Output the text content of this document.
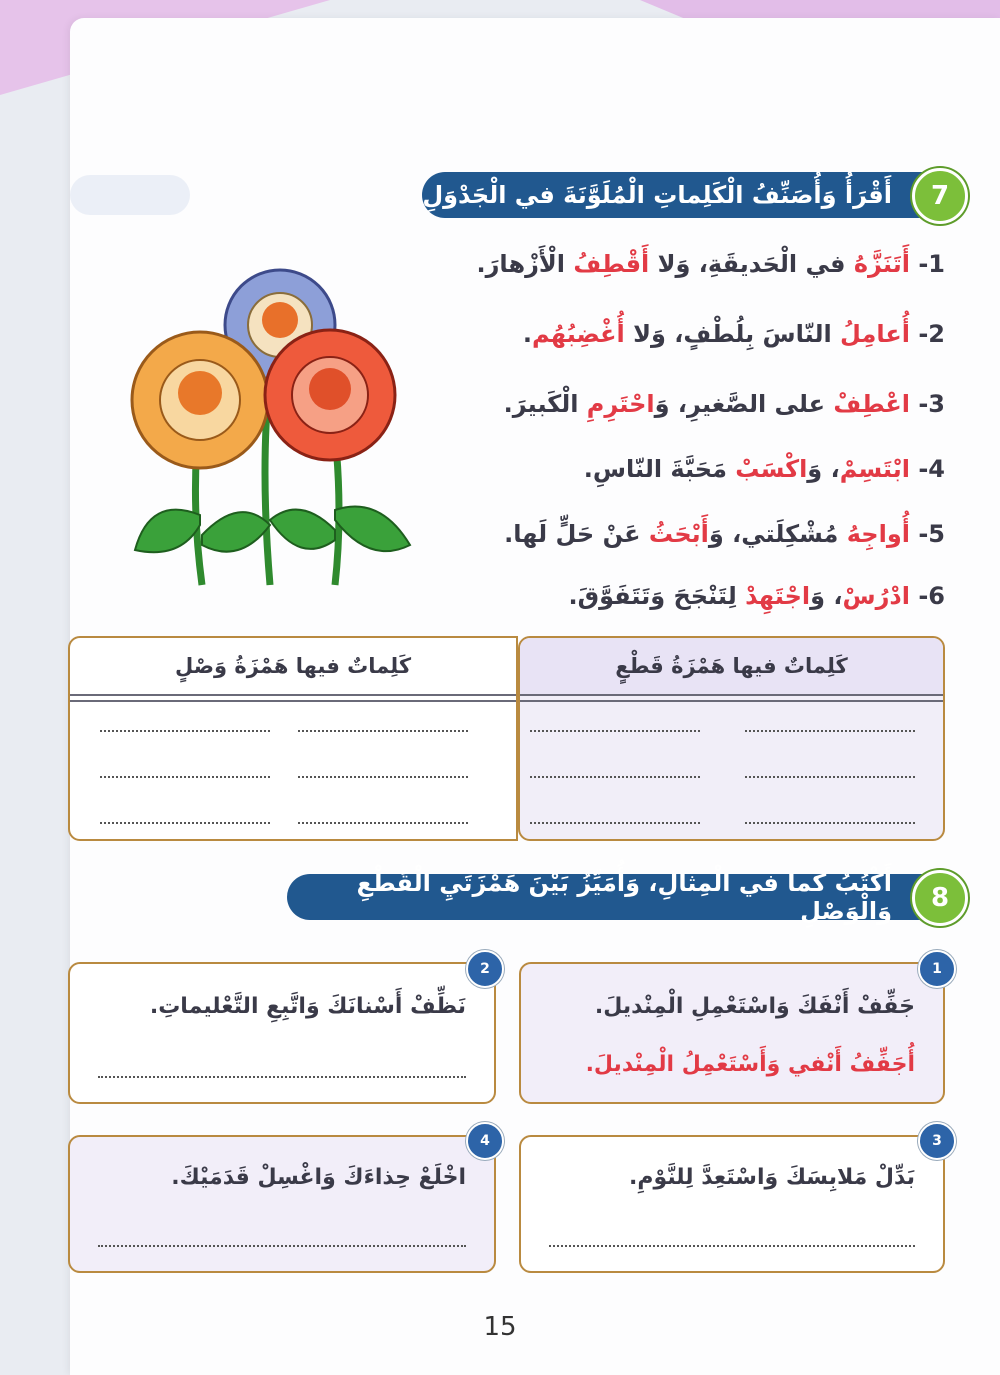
أَقْرَأُ وَأُصَنِّفُ الْكَلِماتِ الْمُلَوَّنَةَ في الْجَدْوَلِ	7
1- أَتَنَزَّهُ في الْحَديقَةِ، وَلا أَقْطِفُ الْأَزْهارَ.
2- أُعامِلُ النّاسَ بِلُطْفٍ، وَلا أُغْضِبُهُم.
3- اعْطِفْ على الصَّغيرِ، وَاحْتَرِمِ الْكَبيرَ.
4- ابْتَسِمْ، وَاكْسَبْ مَحَبَّةَ النّاسِ.
5- أُواجِهُ مُشْكِلَتي، وَأَبْحَثُ عَنْ حَلٍّ لَها.
6- ادْرُسْ، وَاجْتَهِدْ لِتَنْجَحَ وَتَتَفَوَّقَ.
كَلِماتٌ فيها هَمْزَةُ وَصْلٍ	كَلِماتٌ فيها هَمْزَةُ قَطْعٍ
أَكْتُبُ كما في الْمِثالِ، وَأُمَيِّزُ بَيْنَ هَمْزَتَيِ الْقَطْعِ وَالْوَصْلِ	8
جَفِّفْ أَنْفَكَ وَاسْتَعْمِلِ الْمِنْديلَ.
أُجَفِّفُ أَنْفي وَأَسْتَعْمِلُ الْمِنْديلَ.
1
نَظِّفْ أَسْنانَكَ وَاتَّبِعِ التَّعْليماتِ.
2
بَدِّلْ مَلابِسَكَ وَاسْتَعِدَّ لِلنَّوْمِ.
3
اخْلَعْ حِذاءَكَ وَاغْسِلْ قَدَمَيْكَ.
4
15
